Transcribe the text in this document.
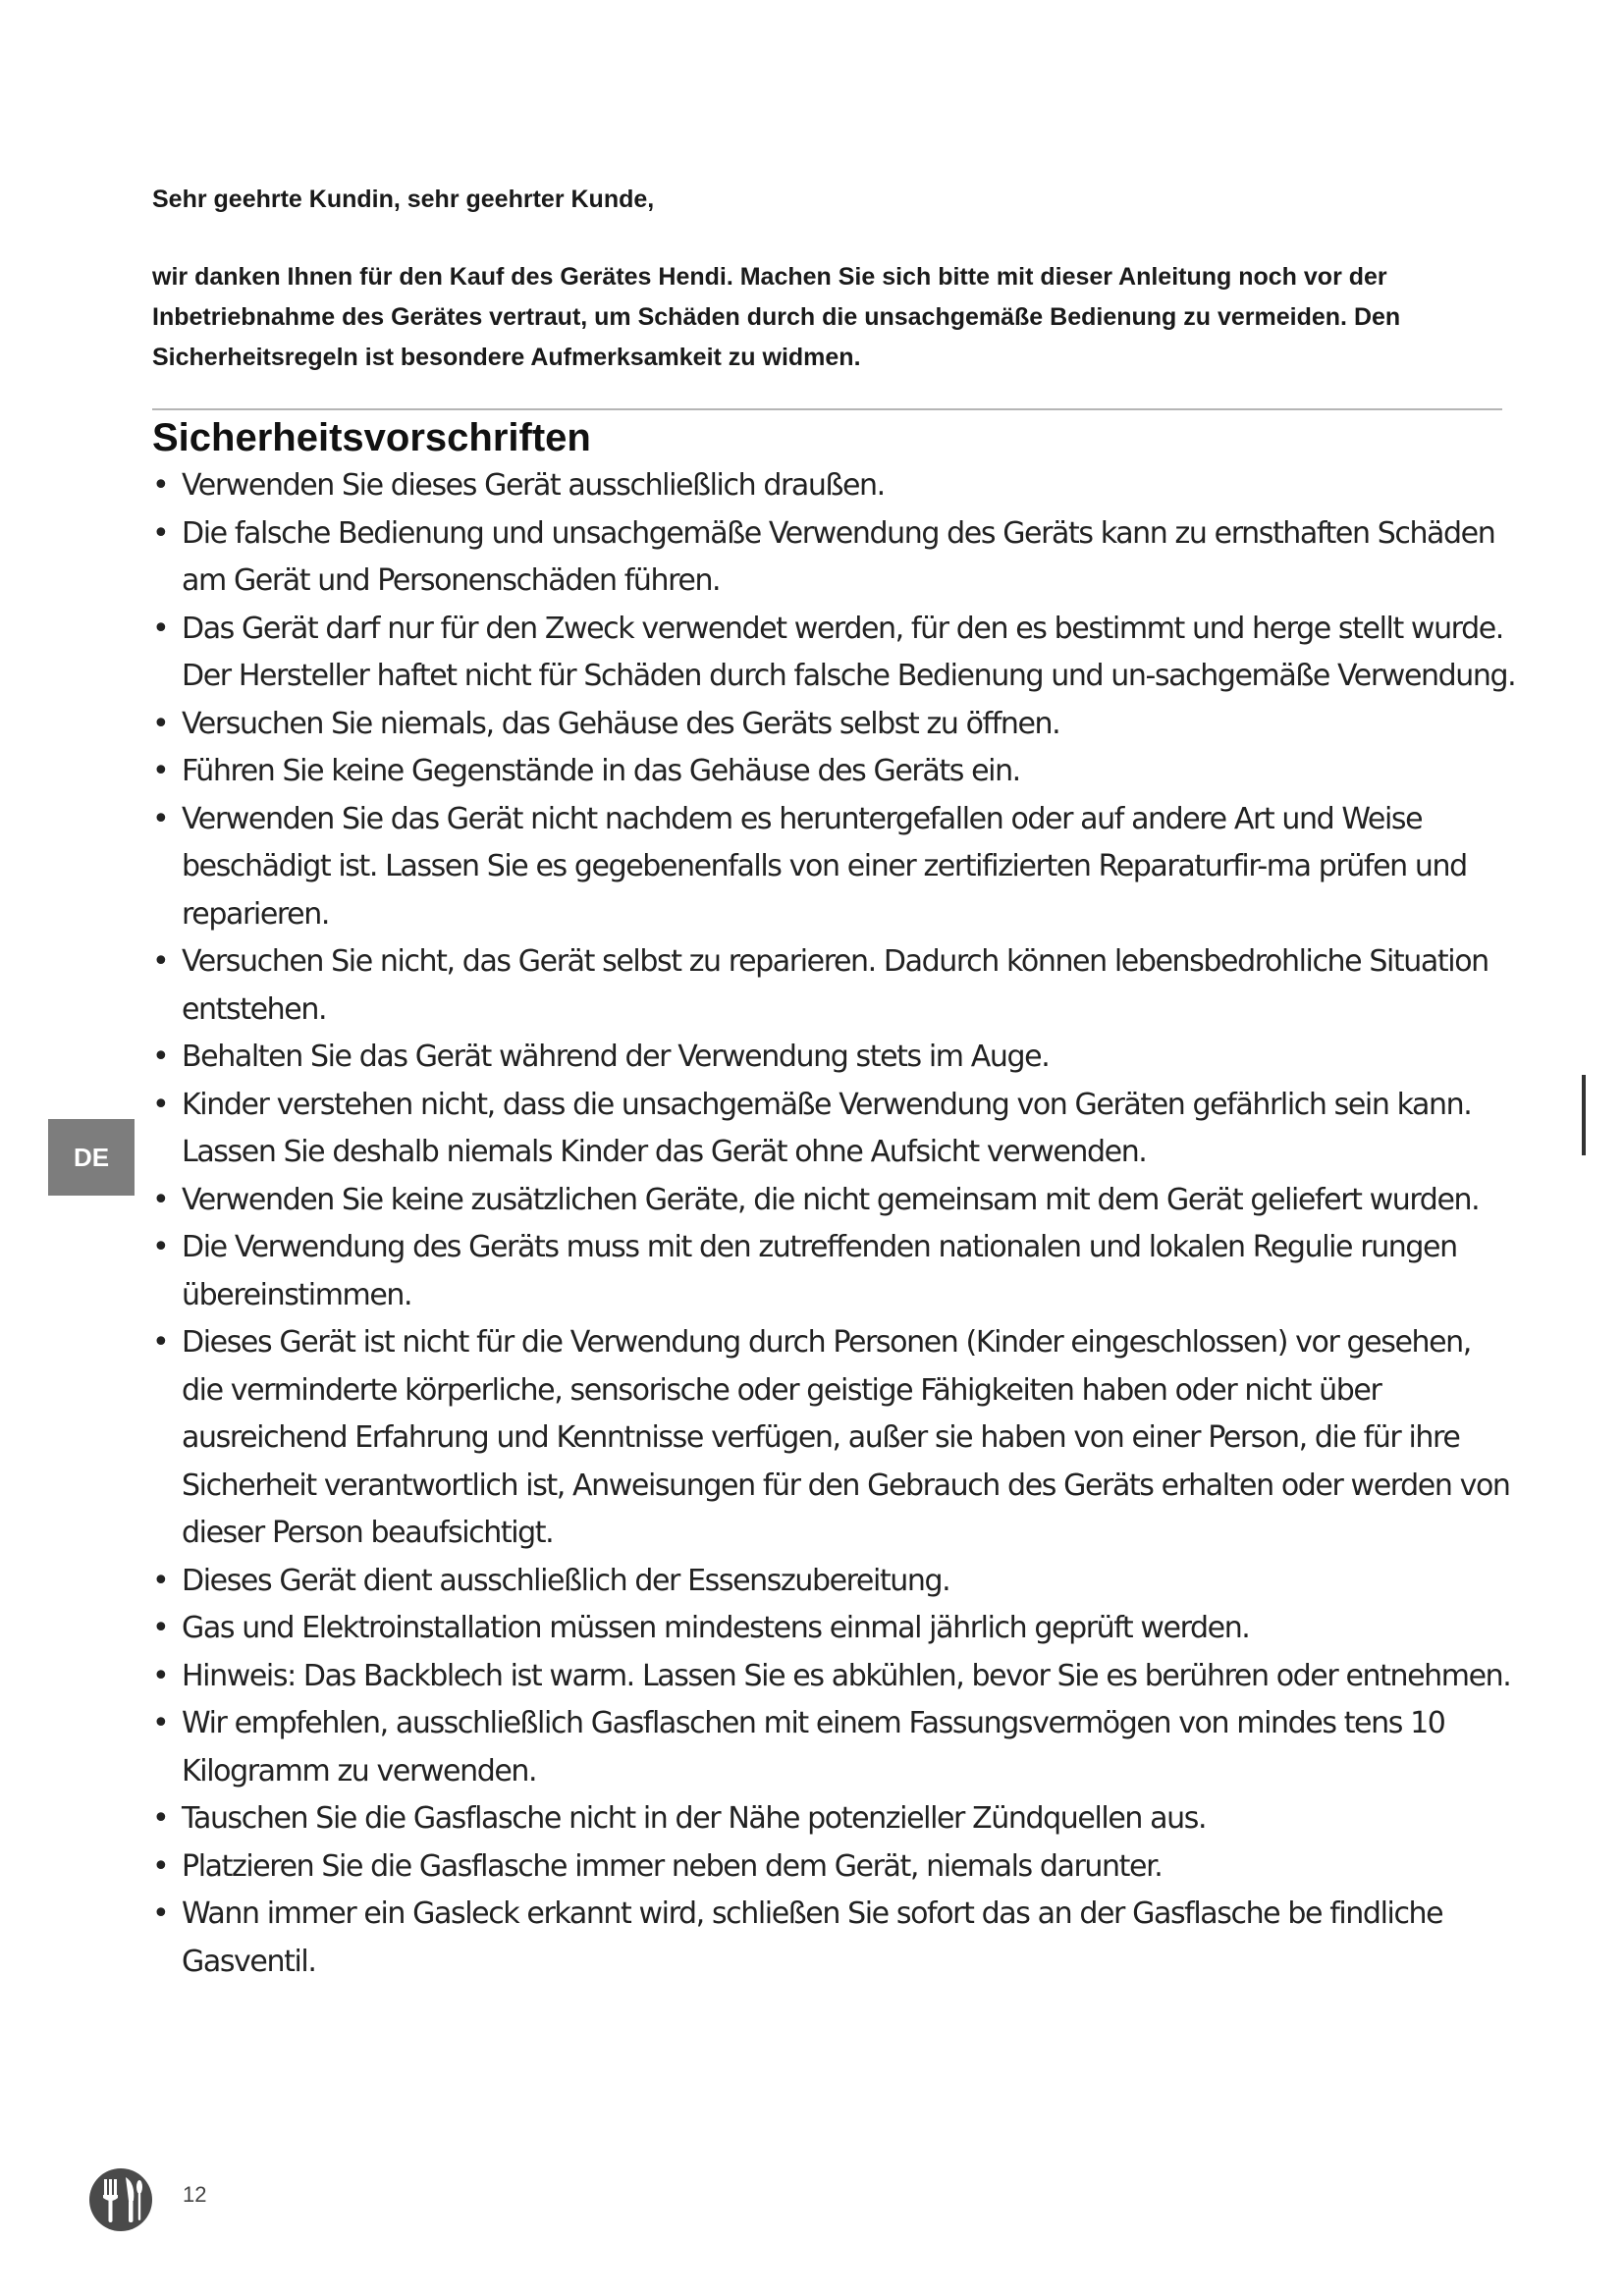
Sehr geehrte Kundin, sehr geehrter Kunde,
wir danken Ihnen für den Kauf des Gerätes Hendi. Machen Sie sich bitte mit dieser Anleitung noch vor der Inbetriebnahme des Gerätes vertraut, um Schäden durch die unsachgemäße Bedienung zu vermeiden. Den Sicherheitsregeln ist besondere Aufmerksamkeit zu widmen.
Sicherheitsvorschriften
• Verwenden Sie dieses Gerät ausschließlich draußen.
• Die falsche Bedienung und unsachgemäße Verwendung des Geräts kann zu ernsthaften Schäden am Gerät und Personenschäden führen.
• Das Gerät darf nur für den Zweck verwendet werden, für den es bestimmt und herge stellt wurde. Der Hersteller haftet nicht für Schäden durch falsche Bedienung und un-sachgemäße Verwendung.
• Versuchen Sie niemals, das Gehäuse des Geräts selbst zu öffnen.
• Führen Sie keine Gegenstände in das Gehäuse des Geräts ein.
• Verwenden Sie das Gerät nicht nachdem es heruntergefallen oder auf andere Art und Weise beschädigt ist. Lassen Sie es gegebenenfalls von einer zertifizierten Reparaturfir-ma prüfen und reparieren.
• Versuchen Sie nicht, das Gerät selbst zu reparieren. Dadurch können lebensbedrohliche Situation entstehen.
• Behalten Sie das Gerät während der Verwendung stets im Auge.
• Kinder verstehen nicht, dass die unsachgemäße Verwendung von Geräten gefährlich sein kann. Lassen Sie deshalb niemals Kinder das Gerät ohne Aufsicht verwenden.
• Verwenden Sie keine zusätzlichen Geräte, die nicht gemeinsam mit dem Gerät geliefert wurden.
• Die Verwendung des Geräts muss mit den zutreffenden nationalen und lokalen Regulie rungen übereinstimmen.
• Dieses Gerät ist nicht für die Verwendung durch Personen (Kinder eingeschlossen) vor gesehen, die verminderte körperliche, sensorische oder geistige Fähigkeiten haben oder nicht über ausreichend Erfahrung und Kenntnisse verfügen, außer sie haben von einer Person, die für ihre Sicherheit verantwortlich ist, Anweisungen für den Gebrauch des Geräts erhalten oder werden von dieser Person beaufsichtigt.
• Dieses Gerät dient ausschließlich der Essenszubereitung.
• Gas und Elektroinstallation müssen mindestens einmal jährlich geprüft werden.
• Hinweis: Das Backblech ist warm. Lassen Sie es abkühlen, bevor Sie es berühren oder entnehmen.
• Wir empfehlen, ausschließlich Gasflaschen mit einem Fassungsvermögen von mindes tens 10 Kilogramm zu verwenden.
• Tauschen Sie die Gasflasche nicht in der Nähe potenzieller Zündquellen aus.
• Platzieren Sie die Gasflasche immer neben dem Gerät, niemals darunter.
• Wann immer ein Gasleck erkannt wird, schließen Sie sofort das an der Gasflasche be findliche Gasventil.
DE
12
